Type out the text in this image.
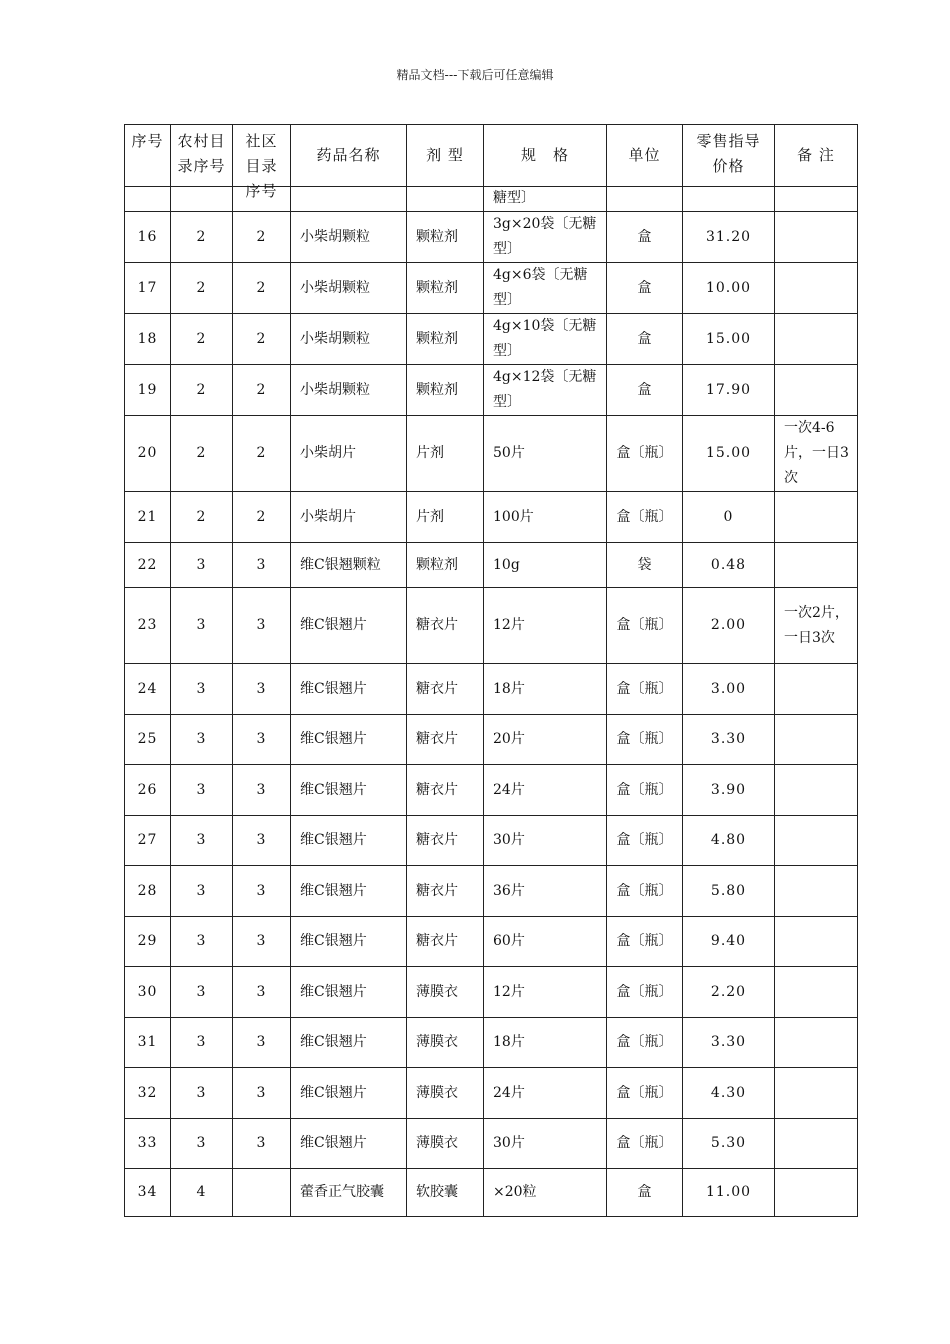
精品文档---下载后可任意编辑
序号	农村目录序号	社区目录序号	药品名称	剂 型	规　格	单位	零售指导价格	备 注
					糖型〕			
16	2	2	小柴胡颗粒	颗粒剂	3g×20袋〔无糖型〕	盒	31.20	
17	2	2	小柴胡颗粒	颗粒剂	4g×6袋〔无糖型〕	盒	10.00	
18	2	2	小柴胡颗粒	颗粒剂	4g×10袋〔无糖型〕	盒	15.00	
19	2	2	小柴胡颗粒	颗粒剂	4g×12袋〔无糖型〕	盒	17.90	
20	2	2	小柴胡片	片剂	50片	盒〔瓶〕	15.00	一次4-6片，一日3次
21	2	2	小柴胡片	片剂	100片	盒〔瓶〕	0	
22	3	3	维C银翘颗粒	颗粒剂	10g	袋	0.48	
23	3	3	维C银翘片	糖衣片	12片	盒〔瓶〕	2.00	一次2片，一日3次
24	3	3	维C银翘片	糖衣片	18片	盒〔瓶〕	3.00	
25	3	3	维C银翘片	糖衣片	20片	盒〔瓶〕	3.30	
26	3	3	维C银翘片	糖衣片	24片	盒〔瓶〕	3.90	
27	3	3	维C银翘片	糖衣片	30片	盒〔瓶〕	4.80	
28	3	3	维C银翘片	糖衣片	36片	盒〔瓶〕	5.80	
29	3	3	维C银翘片	糖衣片	60片	盒〔瓶〕	9.40	
30	3	3	维C银翘片	薄膜衣	12片	盒〔瓶〕	2.20	
31	3	3	维C银翘片	薄膜衣	18片	盒〔瓶〕	3.30	
32	3	3	维C银翘片	薄膜衣	24片	盒〔瓶〕	4.30	
33	3	3	维C银翘片	薄膜衣	30片	盒〔瓶〕	5.30	
34	4		藿香正气胶囊	软胶囊	×20粒	盒	11.00	
